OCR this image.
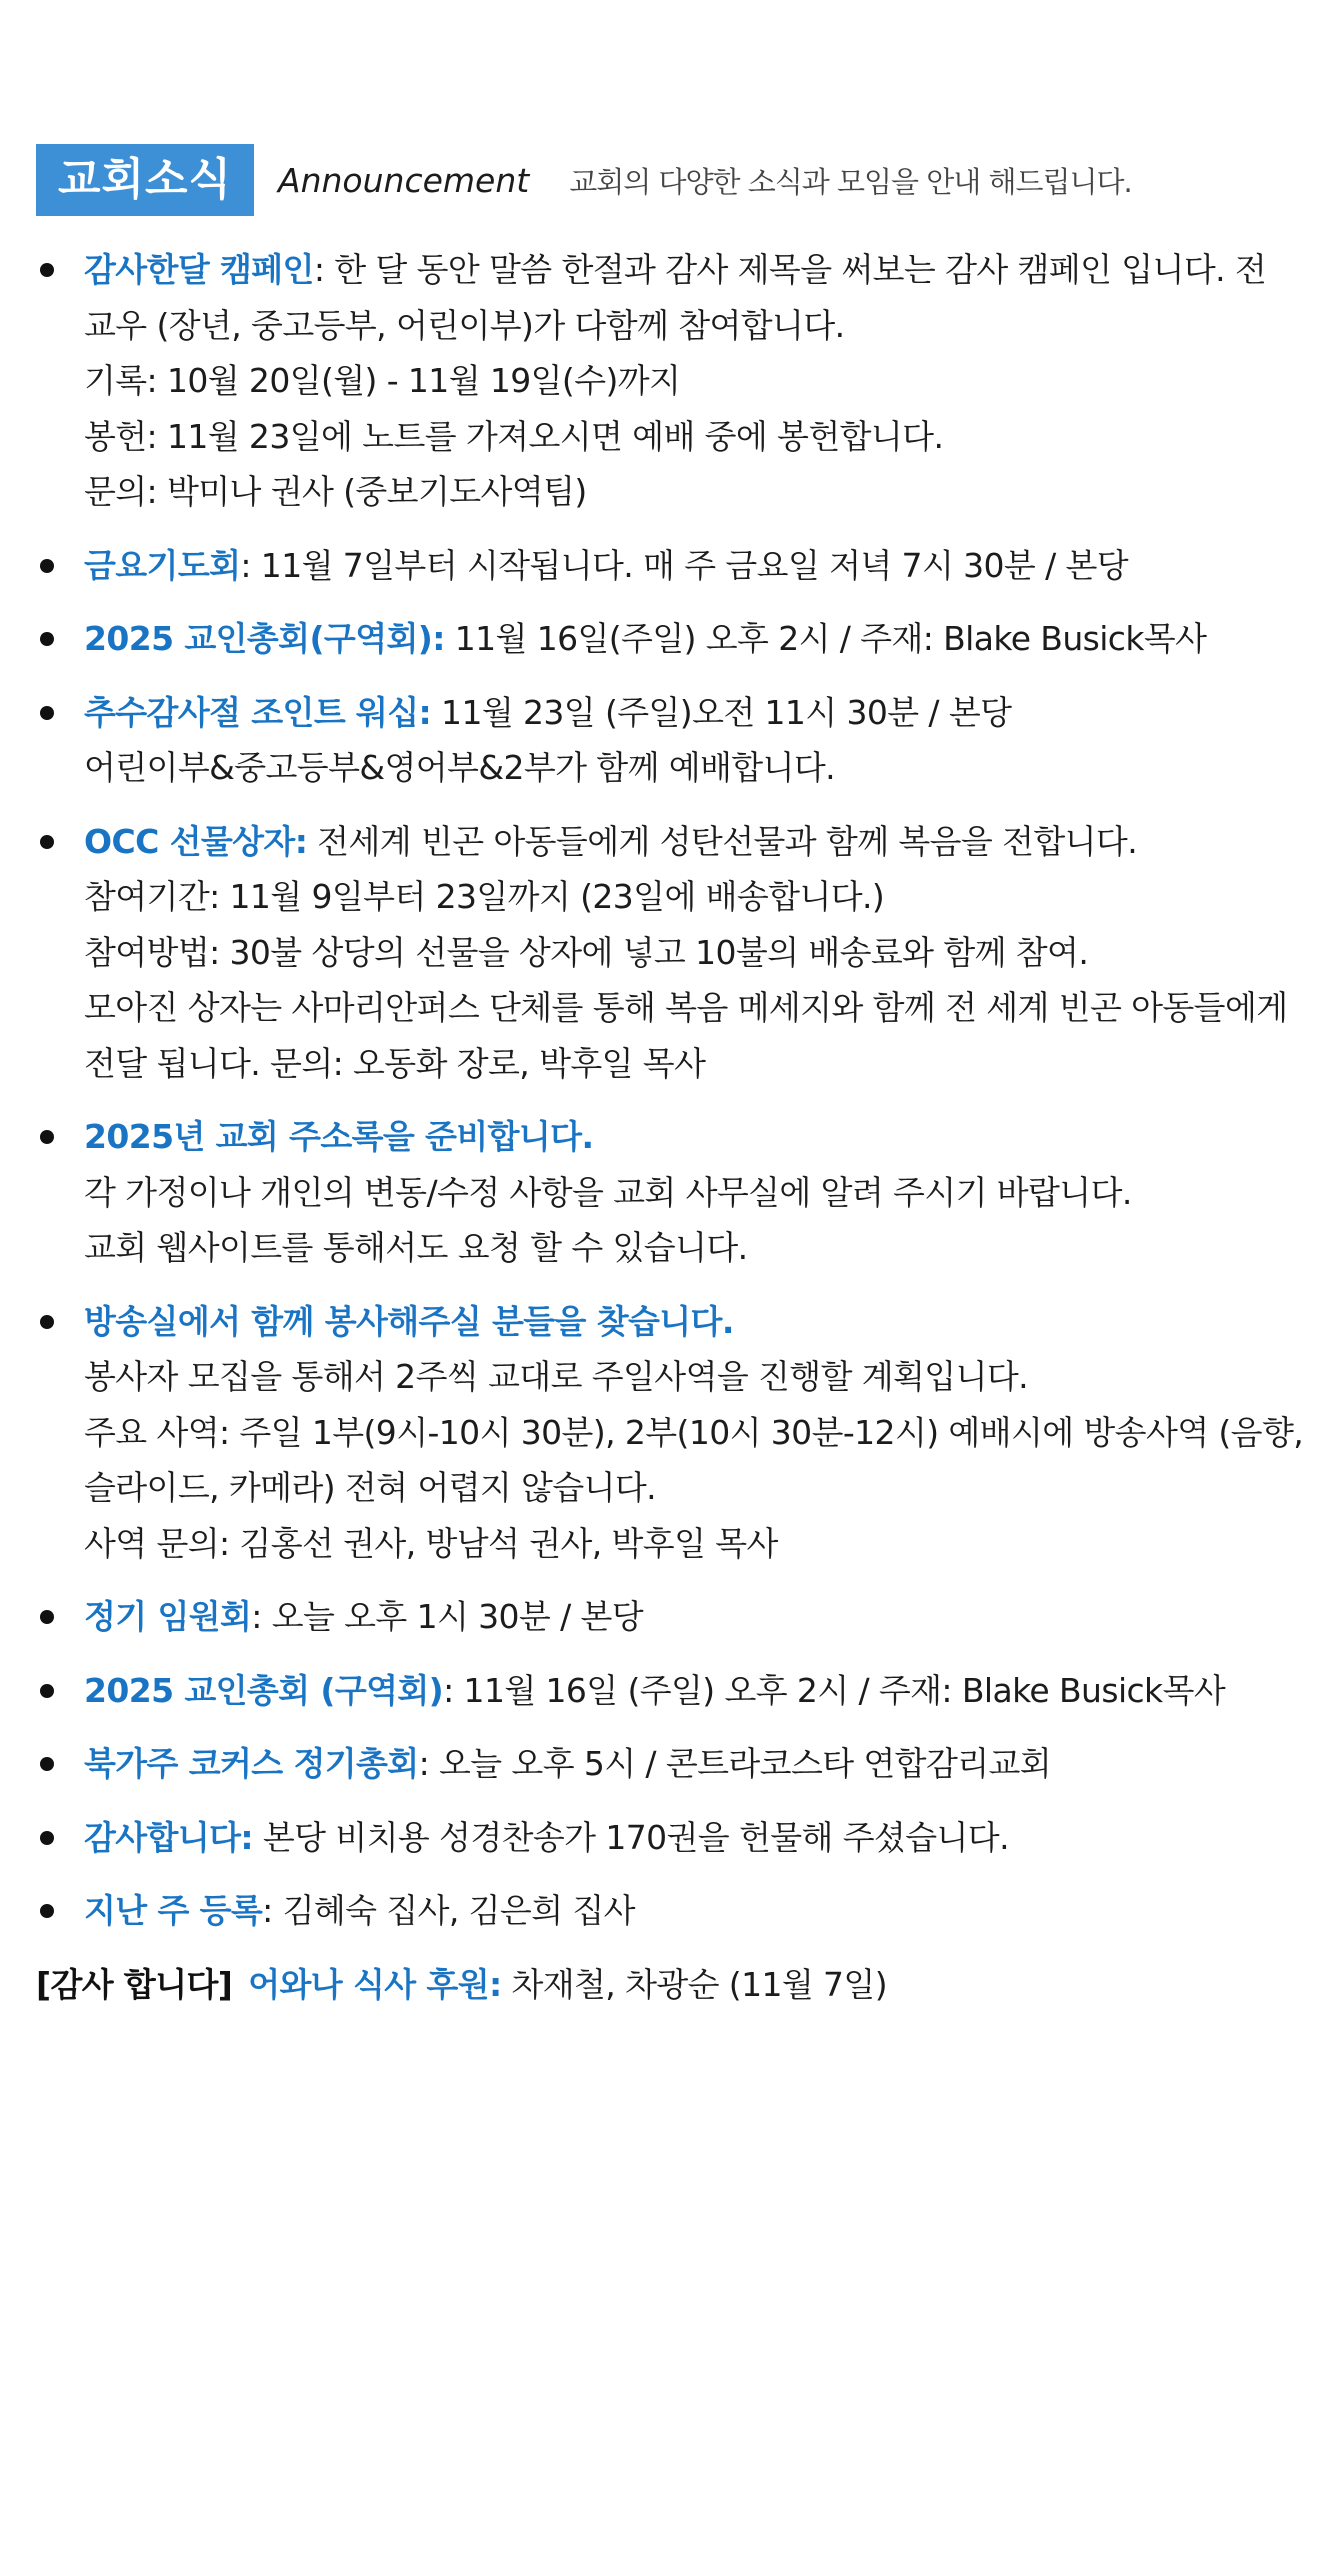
교회소식	Announcement 교회의 다양한 소식과 모임을 안내 해드립니다.
감사한달 캠페인: 한 달 동안 말씀 한절과 감사 제목을 써보는 감사 캠페인 입니다. 전 교우 (장년, 중고등부, 어린이부)가 다함께 참여합니다.
기록: 10월 20일(월) - 11월 19일(수)까지
봉헌: 11월 23일에 노트를 가져오시면 예배 중에 봉헌합니다.
문의: 박미나 권사 (중보기도사역팀)
금요기도회: 11월 7일부터 시작됩니다. 매 주 금요일 저녁 7시 30분 / 본당
2025 교인총회(구역회): 11월 16일(주일) 오후 2시 / 주재: Blake Busick목사
추수감사절 조인트 워십: 11월 23일 (주일)오전 11시 30분 / 본당
어린이부&중고등부&영어부&2부가 함께 예배합니다.
OCC 선물상자: 전세계 빈곤 아동들에게 성탄선물과 함께 복음을 전합니다.
참여기간: 11월 9일부터 23일까지 (23일에 배송합니다.)
참여방법: 30불 상당의 선물을 상자에 넣고 10불의 배송료와 함께 참여.
모아진 상자는 사마리안퍼스 단체를 통해 복음 메세지와 함께 전 세계 빈곤 아동들에게 전달 됩니다. 문의: 오동화 장로, 박후일 목사
2025년 교회 주소록을 준비합니다.
각 가정이나 개인의 변동/수정 사항을 교회 사무실에 알려 주시기 바랍니다.
교회 웹사이트를 통해서도 요청 할 수 있습니다.
방송실에서 함께 봉사해주실 분들을 찾습니다.
봉사자 모집을 통해서 2주씩 교대로 주일사역을 진행할 계획입니다.
주요 사역: 주일 1부(9시-10시 30분), 2부(10시 30분-12시) 예배시에 방송사역 (음향, 슬라이드, 카메라) 전혀 어렵지 않습니다.
사역 문의: 김홍선 권사, 방남석 권사, 박후일 목사
정기 임원회: 오늘 오후 1시 30분 / 본당
2025 교인총회 (구역회): 11월 16일 (주일) 오후 2시 / 주재: Blake Busick목사
북가주 코커스 정기총회: 오늘 오후 5시 / 콘트라코스타 연합감리교회
감사합니다: 본당 비치용 성경찬송가 170권을 헌물해 주셨습니다.
지난 주 등록: 김혜숙 집사, 김은희 집사
[감사 합니다] 어와나 식사 후원: 차재철, 차광순 (11월 7일)
